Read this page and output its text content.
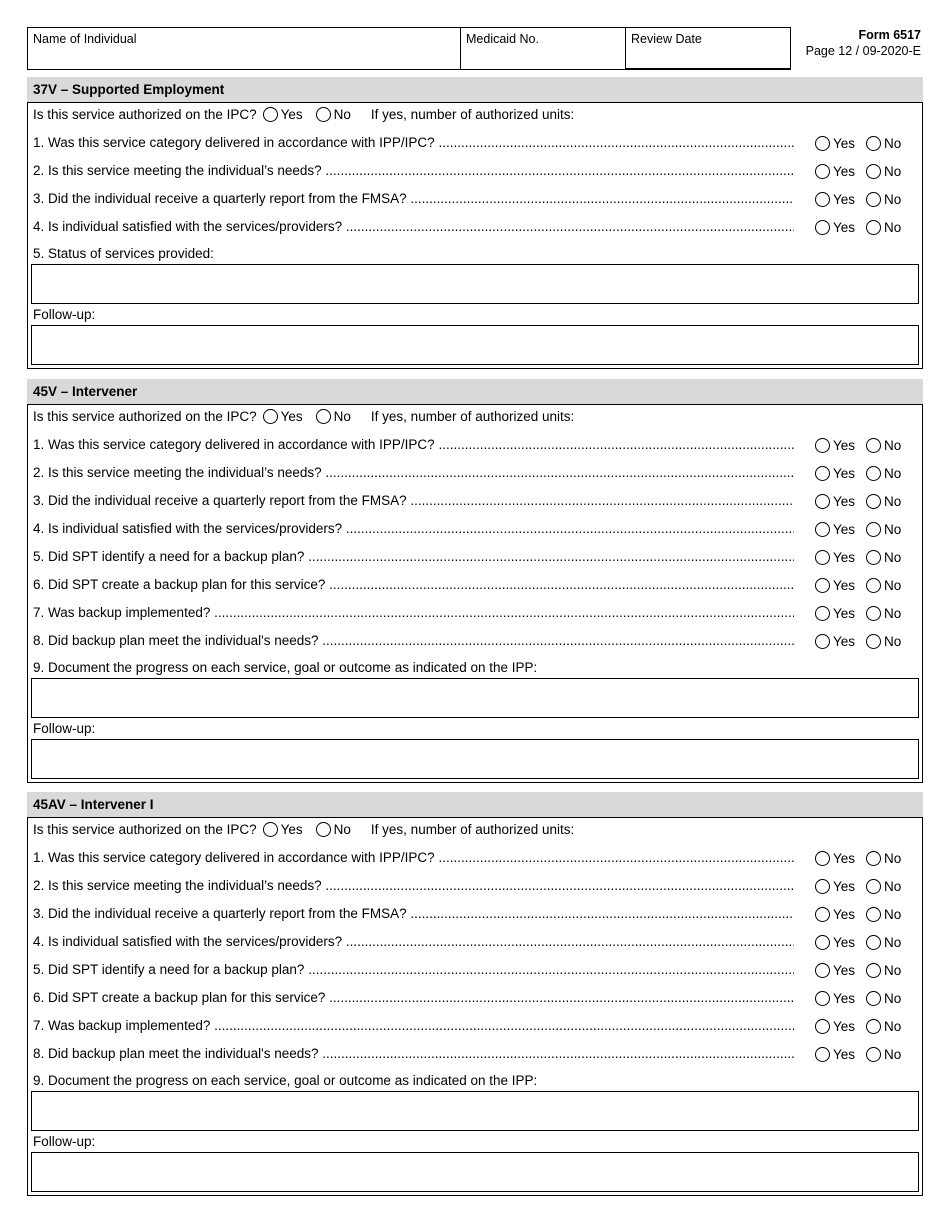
Name of Individual	Medicaid No.	Review Date	Form 6517
Page 12 / 09-2020-E
37V – Supported Employment
Is this service authorized on the IPC? Yes No If yes, number of authorized units:
1. Was this service category delivered in accordance with IPP/IPC? .....	Yes No
2. Is this service meeting the individual’s needs? .....	Yes No
3. Did the individual receive a quarterly report from the FMSA? .....	Yes No
4. Is individual satisfied with the services/providers? .....	Yes No
5. Status of services provided:
Follow-up:
45V – Intervener
Is this service authorized on the IPC? Yes No If yes, number of authorized units:
1. Was this service category delivered in accordance with IPP/IPC? .....	Yes No
2. Is this service meeting the individual’s needs? .....	Yes No
3. Did the individual receive a quarterly report from the FMSA? .....	Yes No
4. Is individual satisfied with the services/providers? .....	Yes No
5. Did SPT identify a need for a backup plan? .....	Yes No
6. Did SPT create a backup plan for this service? .....	Yes No
7. Was backup implemented? .....	Yes No
8. Did backup plan meet the individual's needs? .....	Yes No
9. Document the progress on each service, goal or outcome as indicated on the IPP:
Follow-up:
45AV – Intervener I
Is this service authorized on the IPC? Yes No If yes, number of authorized units:
1. Was this service category delivered in accordance with IPP/IPC? .....	Yes No
2. Is this service meeting the individual’s needs? .....	Yes No
3. Did the individual receive a quarterly report from the FMSA? .....	Yes No
4. Is individual satisfied with the services/providers? .....	Yes No
5. Did SPT identify a need for a backup plan? .....	Yes No
6. Did SPT create a backup plan for this service? .....	Yes No
7. Was backup implemented? .....	Yes No
8. Did backup plan meet the individual's needs? .....	Yes No
9. Document the progress on each service, goal or outcome as indicated on the IPP:
Follow-up:
